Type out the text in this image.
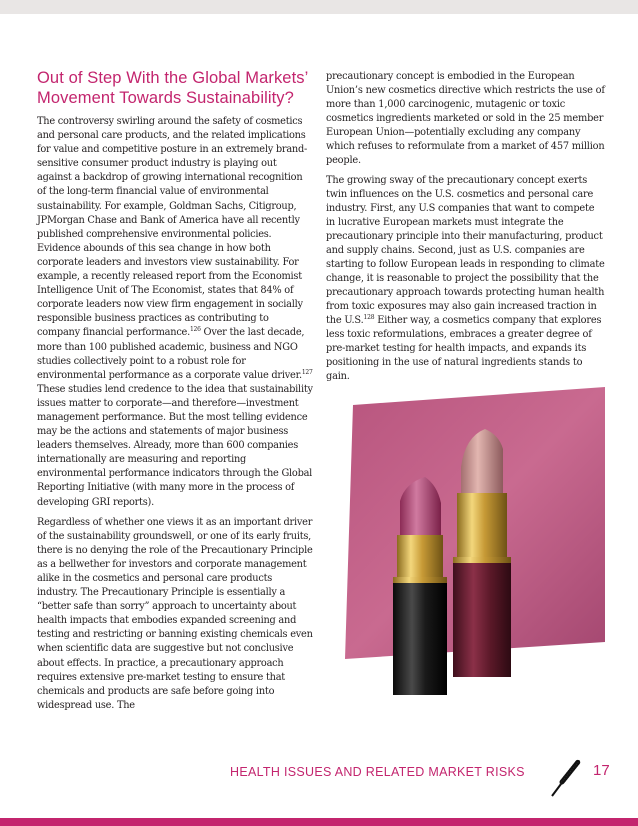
Out of Step With the Global Markets’ Movement Towards Sustainability?

The controversy swirling around the safety of cosmetics and personal care products, and the related implications for value and competitive posture in an extremely brand-sensitive consumer product industry is playing out against a backdrop of growing international recognition of the long-term financial value of environmental sustainability. For example, Goldman Sachs, Citigroup, JPMorgan Chase and Bank of America have all recently published comprehensive environmental policies. Evidence abounds of this sea change in how both corporate leaders and investors view sustainability. For example, a recently released report from the Economist Intelligence Unit of The Economist, states that 84% of corporate leaders now view firm engagement in socially responsible business practices as contributing to company financial performance.$^{126}$ Over the last decade, more than 100 published academic, business and NGO studies collectively point to a robust role for environmental performance as a corporate value driver.$^{127}$ These studies lend credence to the idea that sustainability issues matter to corporate—and therefore—investment management performance. But the most telling evidence may be the actions and statements of major business leaders themselves. Already, more than 600 companies internationally are measuring and reporting environmental performance indicators through the Global Reporting Initiative (with many more in the process of developing GRI reports).

Regardless of whether one views it as an important driver of the sustainability groundswell, or one of its early fruits, there is no denying the role of the Precautionary Principle as a bellwether for investors and corporate management alike in the cosmetics and personal care products industry. The Precautionary Principle is essentially a “better safe than sorry” approach to uncertainty about health impacts that embodies expanded screening and testing and restricting or banning existing chemicals even when scientific data are suggestive but not conclusive about effects. In practice, a precautionary approach requires extensive pre-market testing to ensure that chemicals and products are safe before going into widespread use. The

precautionary concept is embodied in the European Union’s new cosmetics directive which restricts the use of more than 1,000 carcinogenic, mutagenic or toxic cosmetics ingredients marketed or sold in the 25 member European Union—potentially excluding any company which refuses to reformulate from a market of 457 million people.

The growing sway of the precautionary concept exerts twin influences on the U.S. cosmetics and personal care industry. First, any U.S companies that want to compete in lucrative European markets must integrate the precautionary principle into their manufacturing, product and supply chains. Second, just as U.S. companies are starting to follow European leads in responding to climate change, it is reasonable to project the possibility that the precautionary approach towards protecting human health from toxic exposures may also gain increased traction in the U.S.$^{128}$ Either way, a cosmetics company that explores less toxic reformulations, embraces a greater degree of pre-market testing for health impacts, and expands its positioning in the use of natural ingredients stands to gain.

HEALTH ISSUES AND RELATED MARKET RISKS	17
